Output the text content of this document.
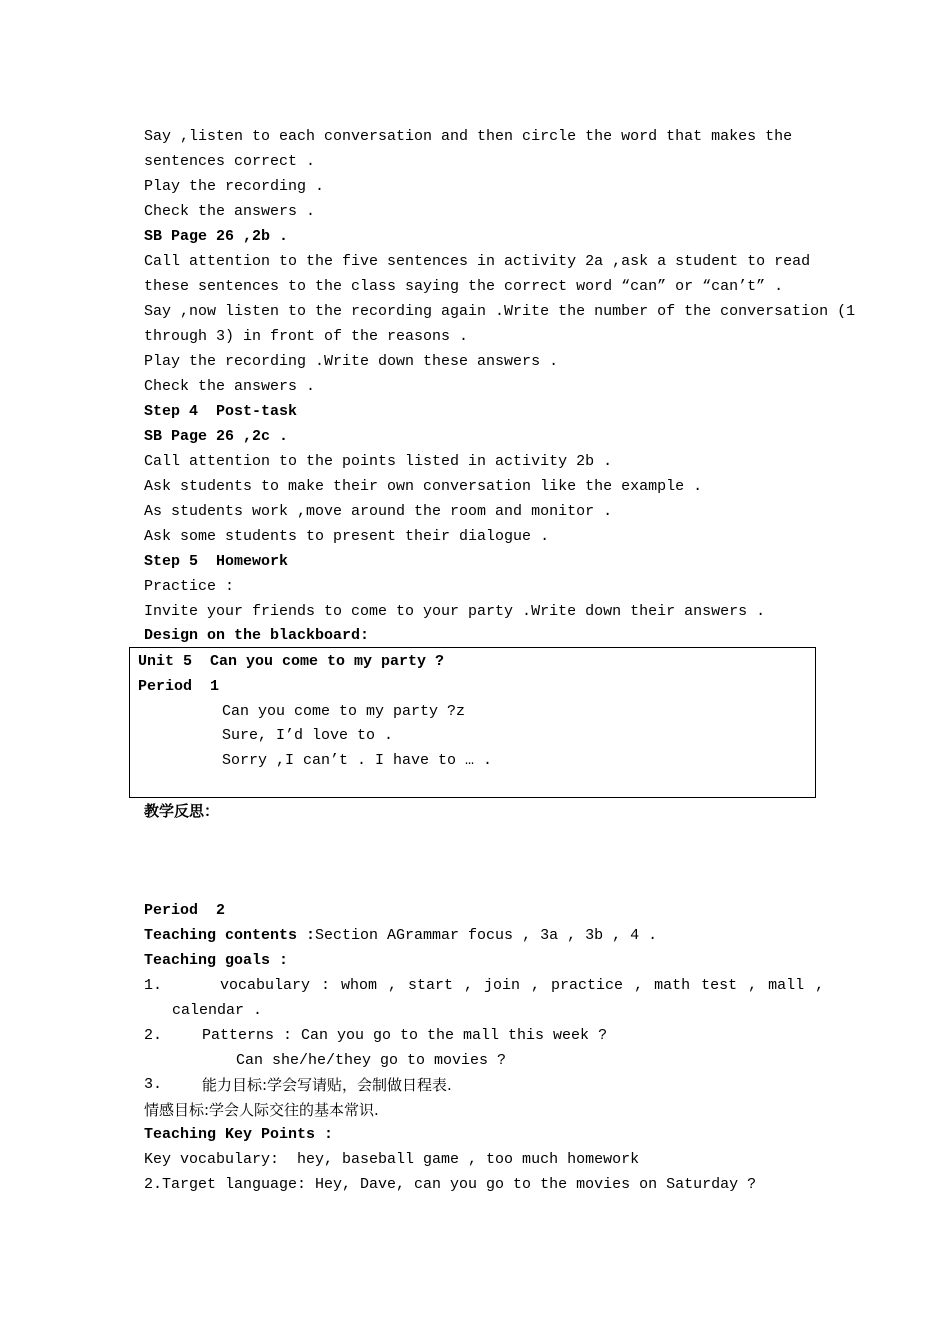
Say ,listen to each conversation and then circle the word that makes the
sentences correct .
Play the recording .
Check the answers .
SB Page 26 ,2b .
Call attention to the five sentences in activity 2a ,ask a student to read
these sentences to the class saying the correct word “can” or “can’t” .
Say ,now listen to the recording again .Write the number of the conversation (1
through 3) in front of the reasons .
Play the recording .Write down these answers .
Check the answers .
Step 4  Post-task
SB Page 26 ,2c .
Call attention to the points listed in activity 2b .
Ask students to make their own conversation like the example .
As students work ,move around the room and monitor .
Ask some students to present their dialogue .
Step 5  Homework
Practice :
Invite your friends to come to your party .Write down their answers .
Design on the blackboard:
Unit 5  Can you come to my party ?
Period  1
Can you come to my party ?z
Sure, I’d love to .
Sorry ,I can’t . I have to … .
教学反思：
Period  2
Teaching contents :Section AGrammar focus , 3a , 3b , 4 .
Teaching goals :
1.	vocabulary : whom , start , join , practice , math test , mall ,
calendar .
2.	Patterns : Can you go to the mall this week ?
Can she/he/they go to movies ?
3.	能力目标:学会写请贴，会制做日程表.
情感目标:学会人际交往的基本常识.
Teaching Key Points :
Key vocabulary:  hey, baseball game , too much homework
2.Target language: Hey, Dave, can you go to the movies on Saturday ?
